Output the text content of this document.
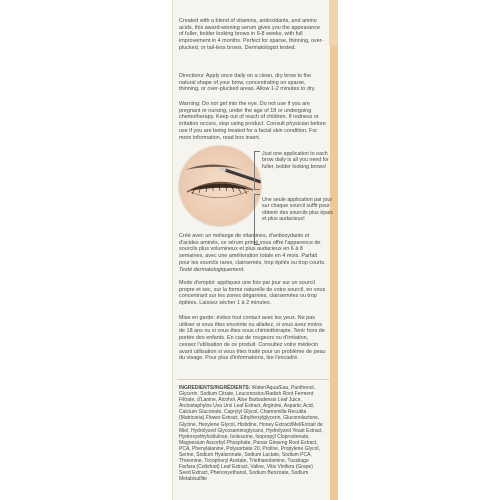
Created with a blend of vitamins, antioxidants, and amino acids, this award-winning serum gives you the appearance of fuller, bolder looking brows in 6-8 weeks, with full improvement in 4 months. Perfect for sparse, thinning, over-plucked, or tail-less brows. Dermatologist tested.

Directions: Apply once daily on a clean, dry brow to the natural shape of your brow, concentrating on sparse, thinning, or over-plucked areas. Allow 1-2 minutes to dry.

Warning: Do not get into the eye. Do not use if you are pregnant or nursing, under the age of 18 or undergoing chemotherapy. Keep out of reach of children. If redness or irritation occurs, stop using product. Consult physician before use if you are being treated for a facial skin condition. For more information, read box insert.

Just one application to each brow daily is all you need for fuller, bolder looking brows!

Une seule application par jour sur chaque sourcil suffit pour obtenir des sourcils plus épais et plus audacieux!

Créé avec un mélange de vitamines, d'antioxydants et d'acides aminés, ce sérum primé vous offre l'apparence de sourcils plus volumineux et plus audacieux en 6 à 8 semaines, avec une amélioration totale en 4 mois. Parfait pour les sourcils rares, clairsemés, trop épilés ou trop courts. Testé dermatologiquement.

Mode d'emploi: appliquez une fois par jour sur un sourcil propre et sec, sur la forme naturelle de votre sourcil, en vous concentrant sur les zones dégarnies, clairsemées ou trop épilées. Laissez sécher 1 à 2 minutes.

Mise en garde: évitez tout contact avec les yeux. Ne pas utiliser si vous êtes enceinte ou allaitez, si vous avez moins de 18 ans ou si vous êtes sous chimiothérapie. Tenir hors de portée des enfants. En cas de rougeurs ou d'irritation, cessez l'utilisation de ce produit. Consultez votre médecin avant utilisation si vous êtes traité pour un problème de peau du visage. Pour plus d'informations, lire l'encadré.

INGREDIENTS/INGRÉDIENTS: Water/Aqua/Eau, Panthenol, Glycerin, Sodium Citrate, Leuconostoc/Radish Root Ferment Filtrate, d'Lanine, Alcohol, Aloe Barbadensis Leaf Juice, Arctostaphylos Uva Ursi Leaf Extract, Arginine, Aspartic Acid, Calcium Gluconate, Caprylyl Glycol, Chamomilla Recutita (Matricaria) Flower Extract, Ethylhexylglycerin, Gluconolactone, Glycine, Hexylene Glycol, Histidine, Honey Extract/Mel/Extrait de Miel, Hydrolyzed Glycosaminoglycans, Hydrolyzed Yeast Extract, Hydroxyethylcellulose, Isoleucine, Isopropyl Cloprostenate, Magnesium Ascorbyl Phosphate, Panax Ginseng Root Extract, PCA, Phenylalanine, Polysorbate 20, Proline, Propylene Glycol, Serine, Sodium Hyaluronate, Sodium Lactate, Sodium PCA, Threonine, Tocopheryl Acetate, Triethanolamine, Tussilago Farfara (Coltsfoot) Leaf Extract, Valine, Vitis Vinifera (Grape) Seed Extract, Phenoxyethanol, Sodium Benzoate, Sodium Metabisulfite
